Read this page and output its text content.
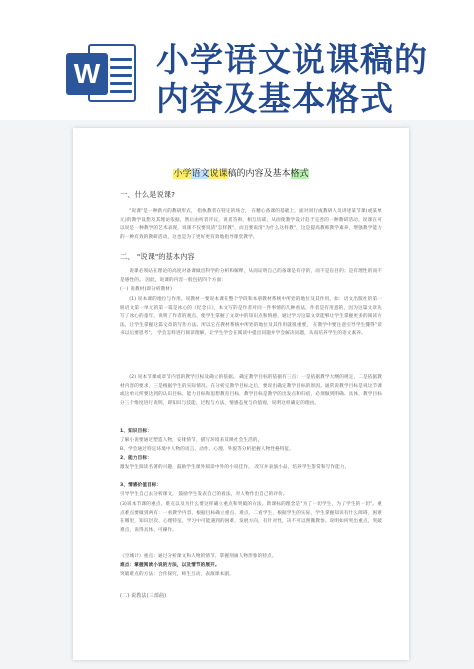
W 小学语文说课稿的
内容及基本格式
小学语文说课稿的内容及基本格式
一、什么是说课?
"说课"是一种新兴的教研形式， 指执教者在特定的场合， 在精心备课的基础上，面对同行或教研人员讲述某节课(或某单元)的教学设想及其理论依据，然后由听者评议，说者答辩，相互切磋，从而使教学设计趋于完善的一种教研活动。说课在可以说是一种教学的艺术表现，说课不仅要说清"怎样教"，而且要说清"为什么这样教"，这是提高教师教学素养，增强教学能力的一种有效的教研活动，这也是为了更好更有效地指导课堂教学。
二、 "说课"的基本内容
说课必须站在理论的高度对备课做出科学的分析和解释，从而证明自己的备课是有序的，而不是盲目的；是有理性的而不是感性的。 因此，说课的内容一般包括四个方面：
(一) 说教材(即分析教材)
(1) 说本课的地位与作用。说教材一要说本课在整个学段和本册教材系统中所处的地位及其作用。如：语文出版社的第一册语文第一单元的第一篇是冰心的《纪念日》，本文写的是作者对同一件事情的几种看法，作者是有用意的，因为这篇文章先写了冰心的童年，说明了作者的观点，使学生掌握了文章中的知识点和情感，通过学习这篇文章能够让学生掌握更多的阅读方法，让学生掌握这篇文章的写作方法。所以它在教材系统中所处的地位及其作用就很重要， 在教学中要注意引导学生懂得"读书以后要思考"， 学会怎样进行阅读理解，让学生学会在阅读中提出问题并学会解决问题，从而培养学生的语文素养。
(2) 说本节课或章节内容的教学目标及确立的依据。 确定教学目标的依据有三点：一是依据教学大纲的规定，二是依据教材内容的要求，三是根据学生的实际情况。在分析完教学目标之后，要说出确定教学目标的原因。通常说教学目标是说这节课或这单元所要达到的认识目标、能力目标和思想教育目标，教学目标是教学的出发点和归宿，必须做到明确、具体，教学目标分三个维度进行说明，即知识与技能、过程与方法、情感态度与价值观，说明这样确定的理由。
1、知识目标：
了解小说要通过塑造人物，安排情节，描写环境来反映社会生活的。
B、学会通过特定环境中人物的语言、动作、心理、外貌等分析把握人物性格特征。
2、能力目标：
激发学生阅读名著的兴趣，鼓励学生课外阅读中外的小说佳作。 改写并表演小品，培养学生鉴赏和写作能力。
3、情感价值目标：
引导学生自己去分析课文， 鼓励学生发表自己的看法，对人物作出自己的评价。
(3)说本节课的重点、难点以及为什么要这样确立重点和突破的方法。新课标的理念是"为了一切学生，为了学生的一切"。重点难点要做到两有：一看教学内容，根据目标确立重点、难点，二看学生，根据学生的实际，学生掌握知识有什么障碍，困难在哪里，知识层次、心理特征、学习中可能遇到的困难，发展方向，有针对性，决不可以照搬教参。说明如何突出重点，突破难点，说得具体、可操作。
《空城计》重点：通过分析课文和人物的情节，掌握刻画人物形象的特点。
难点：掌握阅读小说的方法，以及情节的展开。
突破难点的方法：合作探究，师生互动，表演课本剧。
(二) 说教法(三部曲)
